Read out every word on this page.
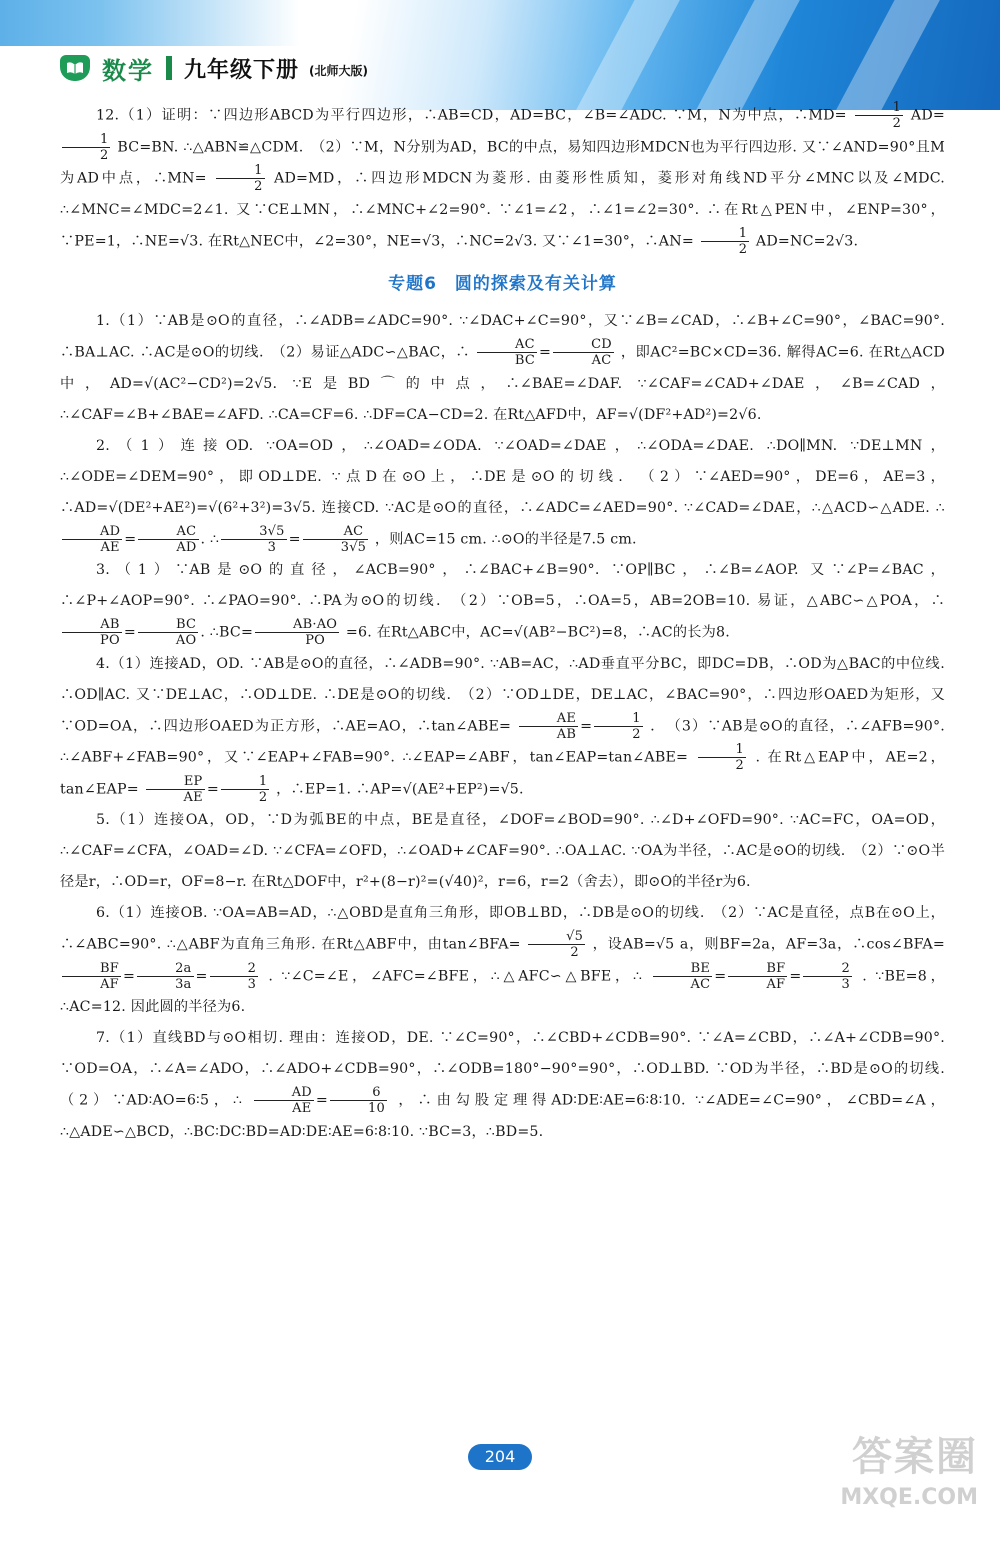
数学 九年级下册 (北师大版)

12.（1）证明：∵四边形ABCD为平行四边形，∴AB=CD，AD=BC，∠B=∠ADC. ∵M，N为中点，∴MD= $\frac{1}{2} AD=$
$\frac{1}{2} BC=BN$. ∴△ABN≌△CDM.　（2）∵M，N分别为AD，BC的中点，易知四边形MDCN也为平行四边形. 又∵∠AND=90°且M为AD中点，∴MN= $\frac{1}{2} AD=MD$，∴四边形MDCN为菱形. 由菱形性质知，菱形对角线ND平分∠MNC以及∠MDC. ∴∠MNC=∠MDC=2∠1. 又∵CE⊥MN，∴∠MNC+∠2=90°. ∵∠1=∠2，∴∠1=∠2=30°. ∴在Rt△PEN中，∠ENP=30°，∵PE=1，∴NE=√3. 在Rt△NEC中，∠2=30°，NE=√3，∴NC=2√3. 又∵∠1=30°，∴AN= $\frac{1}{2} AD=NC=2√3$.

专题6　圆的探索及有关计算

1.（1）∵AB是⊙O的直径，∴∠ADB=∠ADC=90°. ∵∠DAC+∠C=90°，又∵∠B=∠CAD，∴∠B+∠C=90°，∠BAC=90°. ∴BA⊥AC. ∴AC是⊙O的切线.　（2）易证△ADC∽△BAC，∴ $\frac{AC}{BC} = \frac{CD}{AC}$ ，即AC²=BC×CD=36. 解得AC=6. 在Rt△ACD中，AD=√(AC²−CD²)=2√5. ∵E是BD⌒的中点，∴∠BAE=∠DAF. ∵∠CAF=∠CAD+∠DAE，∠B=∠CAD，∴∠CAF=∠B+∠BAE=∠AFD. ∴CA=CF=6. ∴DF=CA−CD=2. 在Rt△AFD中，AF=√(DF²+AD²)=2√6.

2.（1）连接OD. ∵OA=OD，∴∠OAD=∠ODA. ∵∠OAD=∠DAE，∴∠ODA=∠DAE. ∴DO∥MN. ∵DE⊥MN，∴∠ODE=∠DEM=90°，即OD⊥DE. ∵点D在⊙O上，∴DE是⊙O的切线.　（2）∵∠AED=90°，DE=6，AE=3，∴AD=√(DE²+AE²)=√(6²+3²)=3√5. 连接CD. ∵AC是⊙O的直径，∴∠ADC=∠AED=90°. ∵∠CAD=∠DAE，∴△ACD∽△ADE. ∴
$\frac{AD}{AE} = \frac{AC}{AD}$ . ∴ $\frac{3√5}{3} = \frac{AC}{3√5}$ ，则AC=15 cm. ∴⊙O的半径是7.5 cm.

3.（1）∵AB是⊙O的直径，∠ACB=90°，∴∠BAC+∠B=90°. ∵OP∥BC，∴∠B=∠AOP. 又∵∠P=∠BAC，∴∠P+∠AOP=90°. ∴∠PAO=90°. ∴PA为⊙O的切线.　（2）∵OB=5，∴OA=5，AB=2OB=10. 易证，△ABC∽△POA，∴
$\frac{AB}{PO} = \frac{BC}{AO}$ . ∴BC= $\frac{AB\cdot AO}{PO} =6$. 在Rt△ABC中，AC=√(AB²−BC²)=8，∴AC的长为8.

4.（1）连接AD，OD. ∵AB是⊙O的直径，∴∠ADB=90°. ∵AB=AC，∴AD垂直平分BC，即DC=DB，∴OD为△BAC的中位线. ∴OD∥AC. 又∵DE⊥AC，∴OD⊥DE. ∴DE是⊙O的切线.　（2）∵OD⊥DE，DE⊥AC，∠BAC=90°，∴四边形OAED为矩形，又∵OD=OA，∴四边形OAED为正方形，∴AE=AO，∴tan∠ABE= $\frac{AE}{AB} = \frac{1}{2}$ ．　（3）∵AB是⊙O的直径，∴∠AFB=90°. ∴∠ABF+∠FAB=90°，又∵∠EAP+∠FAB=90°. ∴∠EAP=∠ABF，tan∠EAP=tan∠ABE= $\frac{1}{2}$ . 在Rt△EAP中，AE=2，tan∠EAP= $\frac{EP}{AE} = \frac{1}{2}$ ，∴EP=1. ∴AP=√(AE²+EP²)=√5.

5.（1）连接OA，OD，∵D为弧BE的中点，BE是直径，∠DOF=∠BOD=90°. ∴∠D+∠OFD=90°. ∵AC=FC，OA=OD，∴∠CAF=∠CFA，∠OAD=∠D. ∵∠CFA=∠OFD，∴∠OAD+∠CAF=90°. ∴OA⊥AC. ∵OA为半径，∴AC是⊙O的切线.　（2）∵⊙O半径是r，∴OD=r，OF=8−r. 在Rt△DOF中，r²+(8−r)²=(√40)²，r=6，r=2（舍去），即⊙O的半径r为6.

6.（1）连接OB. ∵OA=AB=AD，∴△OBD是直角三角形，即OB⊥BD，∴DB是⊙O的切线.　（2）∵AC是直径，点B在⊙O上，∴∠ABC=90°. ∴△ABF为直角三角形. 在Rt△ABF中，由tan∠BFA= $\frac{√5}{2}$ ，设AB=√5 a，则BF=2a，AF=3a，∴cos∠BFA=
$\frac{BF}{AF} = \frac{2a}{3a} = \frac{2}{3}$ . ∵∠C=∠E，∠AFC=∠BFE，∴△AFC∽△BFE，∴ $\frac{BE}{AC} = \frac{BF}{AF} = \frac{2}{3}$ . ∵BE=8，∴AC=12. 因此圆的半径为6.

7.（1）直线BD与⊙O相切. 理由：连接OD，DE. ∵∠C=90°，∴∠CBD+∠CDB=90°. ∵∠A=∠CBD，∴∠A+∠CDB=90°. ∵OD=OA，∴∠A=∠ADO，∴∠ADO+∠CDB=90°，∴∠ODB=180°−90°=90°，∴OD⊥BD. ∵OD为半径，∴BD是⊙O的切线.　（2）∵AD∶AO=6∶5，∴ $\frac{AD}{AE} = \frac{6}{10}$ ，∴由勾股定理得AD∶DE∶AE=6∶8∶10. ∵∠ADE=∠C=90°，∠CBD=∠A，∴△ADE∽△BCD，∴BC∶DC∶BD=AD∶DE∶AE=6∶8∶10. ∵BC=3，∴BD=5.

204	答案圈
MXQE.COM
